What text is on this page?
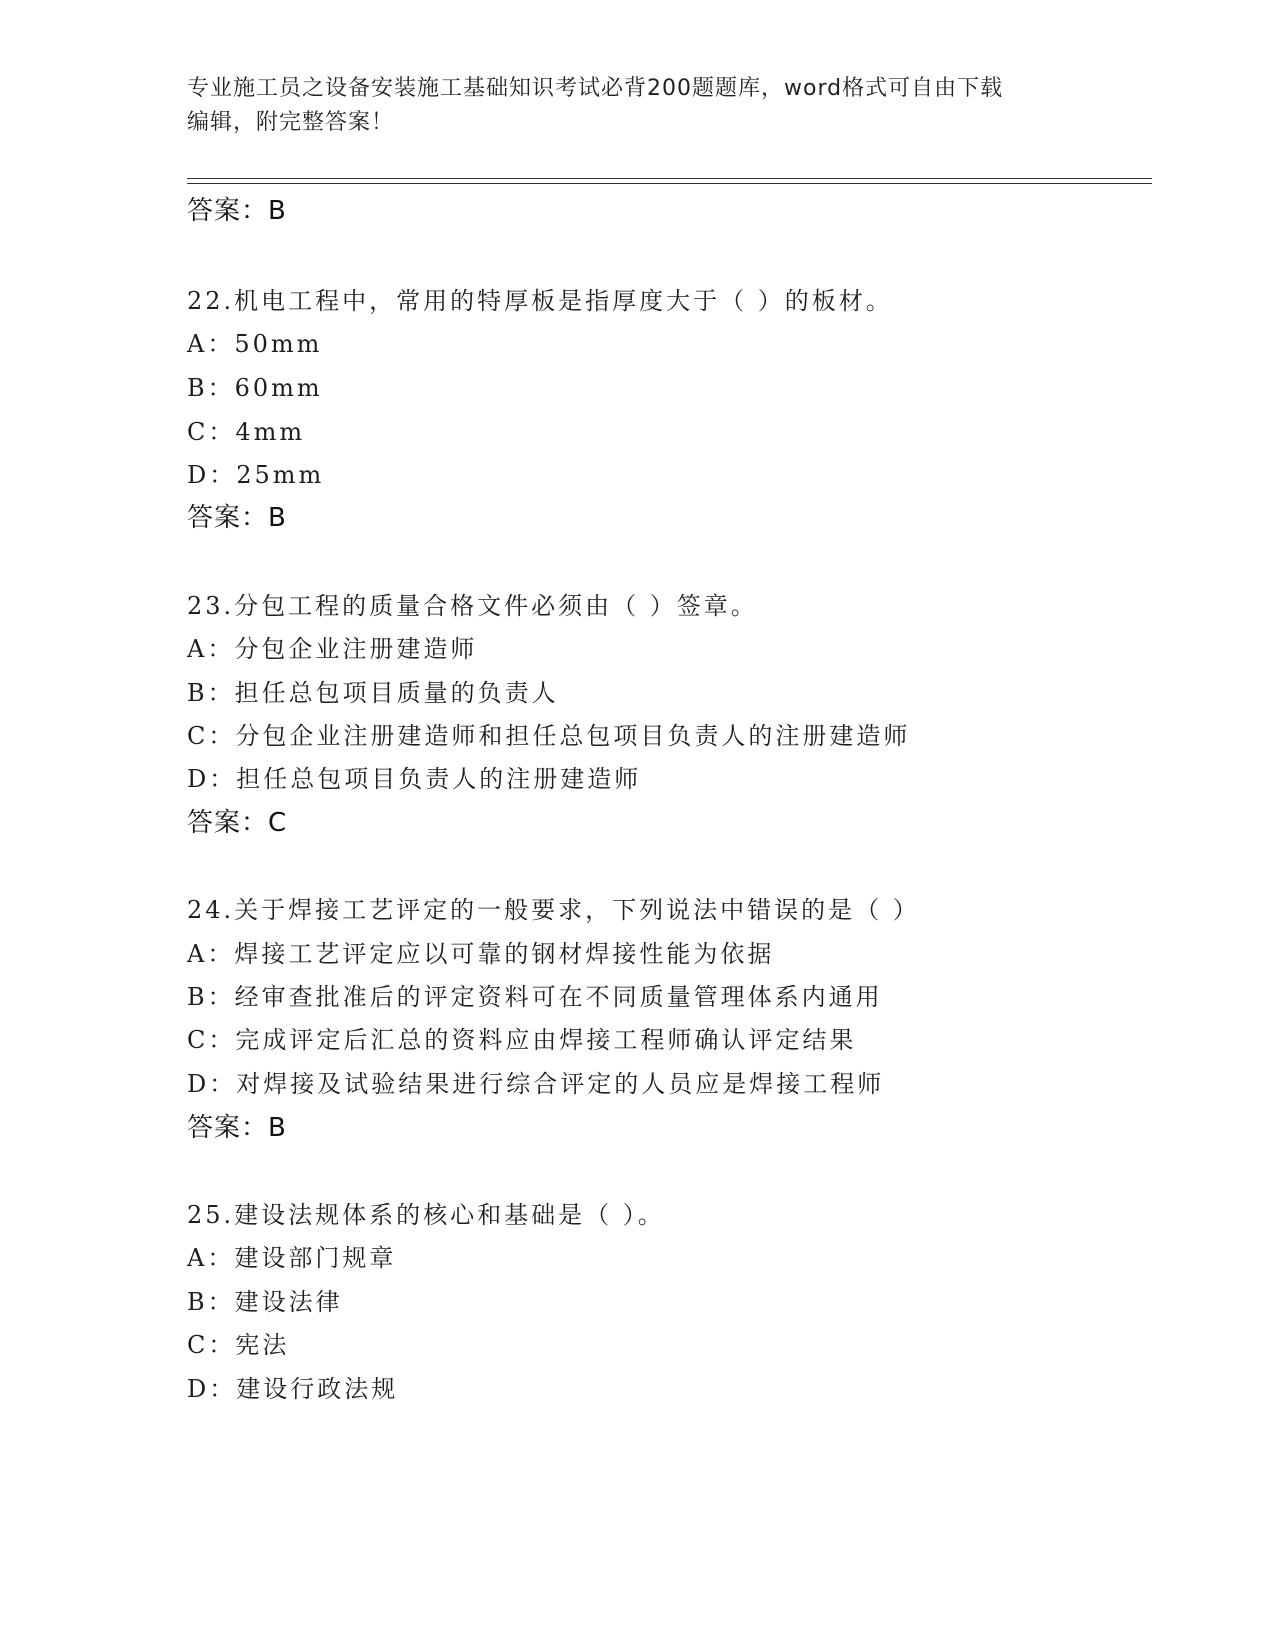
专业施工员之设备安装施工基础知识考试必背200题题库，word格式可自由下载
编辑，附完整答案！
答案：B
22.机电工程中，常用的特厚板是指厚度大于（ ）的板材。
A：50mm
B：60mm
C：4mm
D：25mm
答案：B
23.分包工程的质量合格文件必须由（ ）签章。
A：分包企业注册建造师
B：担任总包项目质量的负责人
C：分包企业注册建造师和担任总包项目负责人的注册建造师
D：担任总包项目负责人的注册建造师
答案：C
24.关于焊接工艺评定的一般要求，下列说法中错误的是（ ）
A：焊接工艺评定应以可靠的钢材焊接性能为依据
B：经审查批准后的评定资料可在不同质量管理体系内通用
C：完成评定后汇总的资料应由焊接工程师确认评定结果
D：对焊接及试验结果进行综合评定的人员应是焊接工程师
答案：B
25.建设法规体系的核心和基础是（ ）。
A：建设部门规章
B：建设法律
C：宪法
D：建设行政法规
